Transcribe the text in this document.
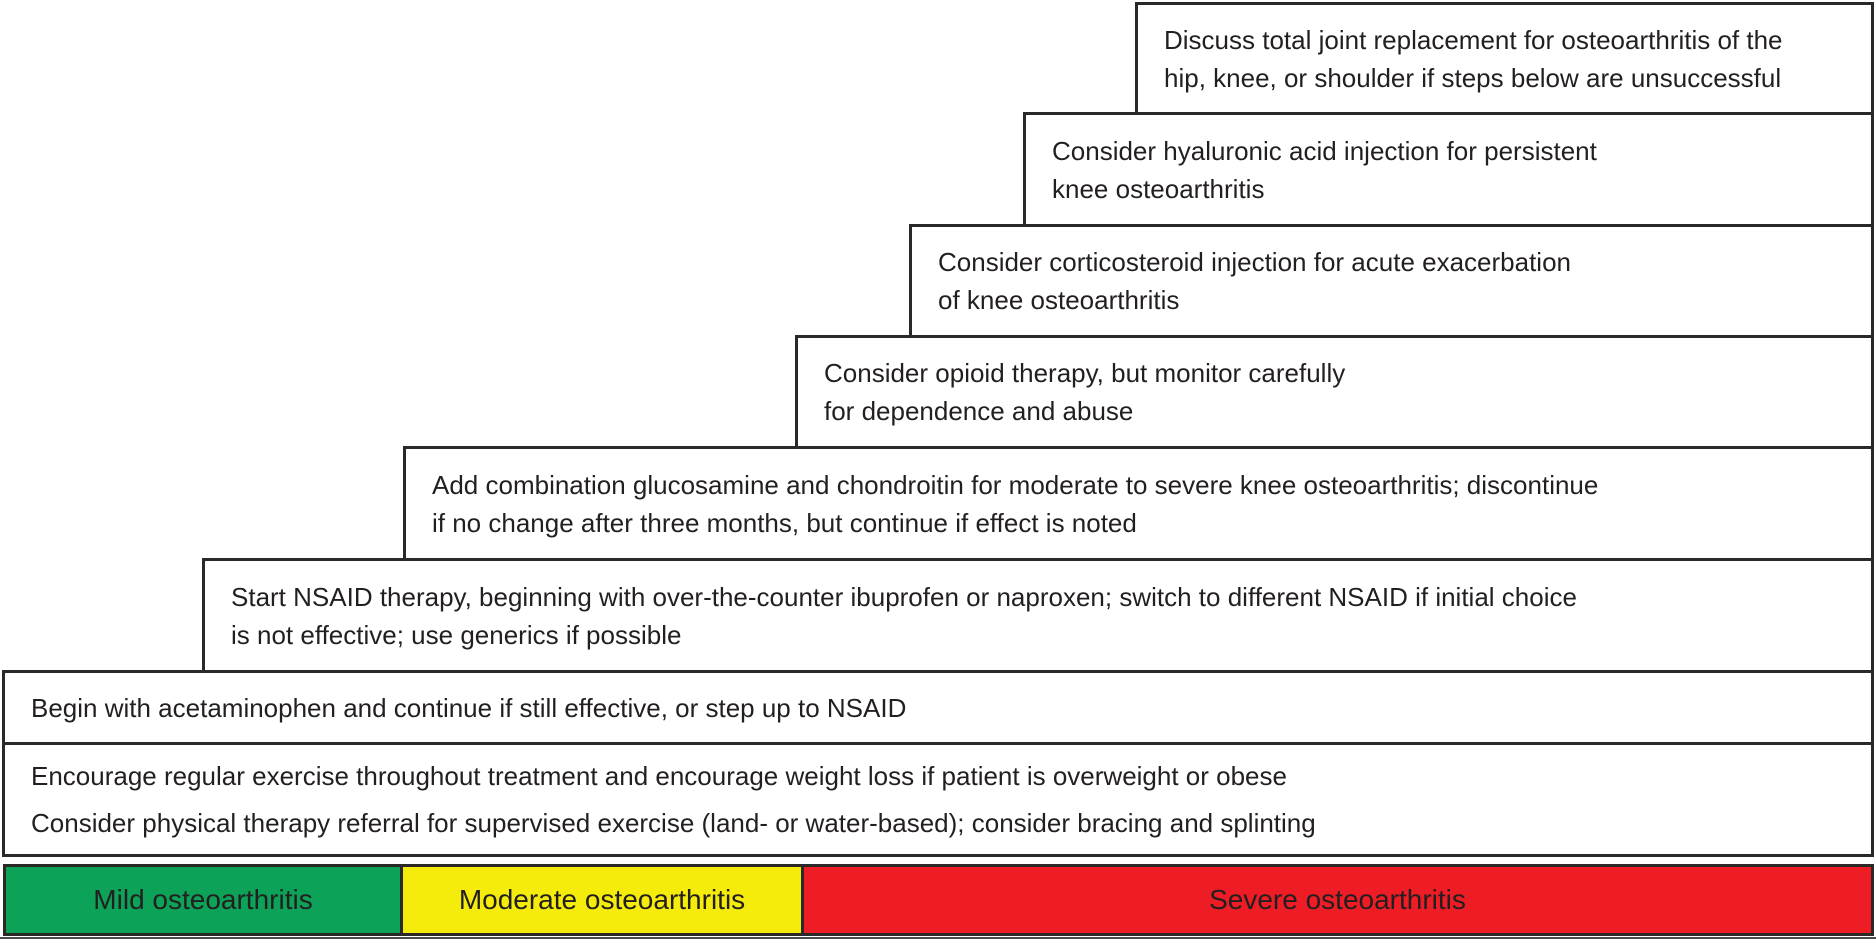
Discuss total joint replacement for osteoarthritis of the
hip, knee, or shoulder if steps below are unsuccessful
Consider hyaluronic acid injection for persistent
knee osteoarthritis
Consider corticosteroid injection for acute exacerbation
of knee osteoarthritis
Consider opioid therapy, but monitor carefully
for dependence and abuse
Add combination glucosamine and chondroitin for moderate to severe knee osteoarthritis; discontinue
if no change after three months, but continue if effect is noted
Start NSAID therapy, beginning with over-the-counter ibuprofen or naproxen; switch to different NSAID if initial choice
is not effective; use generics if possible
Begin with acetaminophen and continue if still effective, or step up to NSAID
Encourage regular exercise throughout treatment and encourage weight loss if patient is overweight or obese
Consider physical therapy referral for supervised exercise (land- or water-based); consider bracing and splinting
Mild osteoarthritis	Moderate osteoarthritis	Severe osteoarthritis
